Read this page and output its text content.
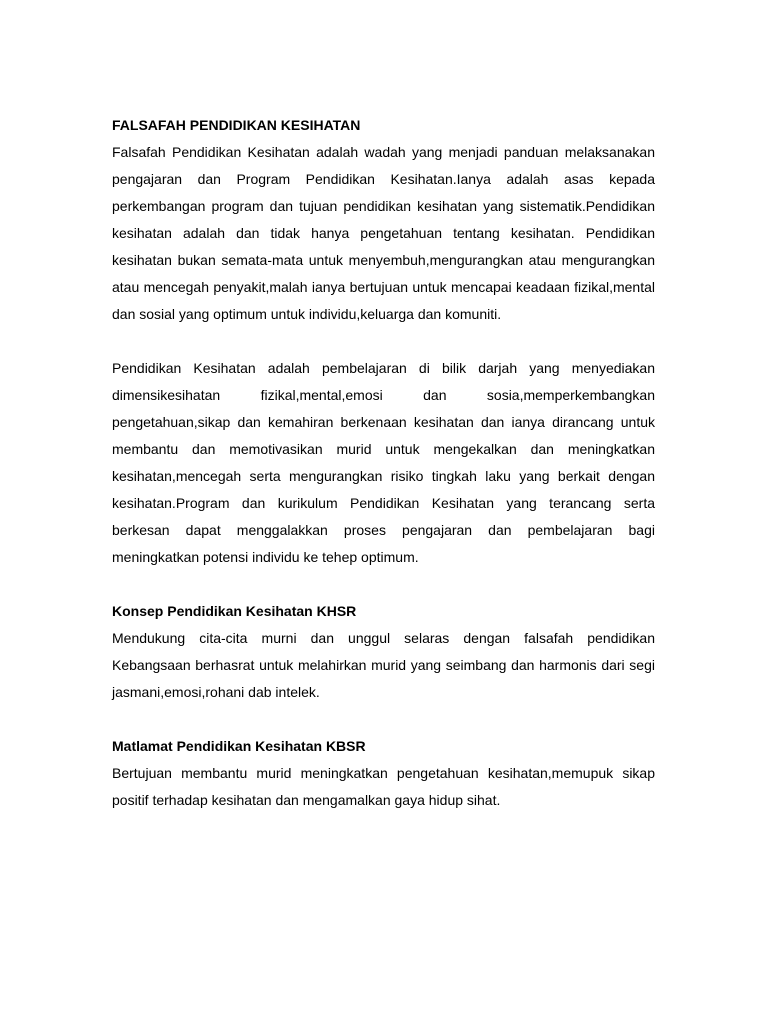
FALSAFAH PENDIDIKAN KESIHATAN

Falsafah Pendidikan Kesihatan adalah wadah yang menjadi panduan melaksanakan pengajaran dan Program Pendidikan Kesihatan.Ianya adalah asas kepada perkembangan program dan tujuan pendidikan kesihatan yang sistematik.Pendidikan kesihatan adalah dan tidak hanya pengetahuan tentang kesihatan. Pendidikan kesihatan bukan semata-mata untuk menyembuh,mengurangkan atau mengurangkan atau mencegah penyakit,malah ianya bertujuan untuk mencapai keadaan fizikal,mental dan sosial yang optimum untuk individu,keluarga dan komuniti.

Pendidikan Kesihatan adalah pembelajaran di bilik darjah yang menyediakan dimensikesihatan fizikal,mental,emosi dan sosia,memperkembangkan pengetahuan,sikap dan kemahiran berkenaan kesihatan dan ianya dirancang untuk membantu dan memotivasikan murid untuk mengekalkan dan meningkatkan kesihatan,mencegah serta mengurangkan risiko tingkah laku yang berkait dengan kesihatan.Program dan kurikulum Pendidikan Kesihatan yang terancang serta berkesan dapat menggalakkan proses pengajaran dan pembelajaran bagi meningkatkan potensi individu ke tehep optimum.

Konsep Pendidikan Kesihatan KHSR

Mendukung cita-cita murni dan unggul selaras dengan falsafah pendidikan Kebangsaan berhasrat untuk melahirkan murid yang seimbang dan harmonis dari segi jasmani,emosi,rohani dab intelek.

Matlamat Pendidikan Kesihatan KBSR

Bertujuan membantu murid meningkatkan pengetahuan kesihatan,memupuk sikap positif terhadap kesihatan dan mengamalkan gaya hidup sihat.
